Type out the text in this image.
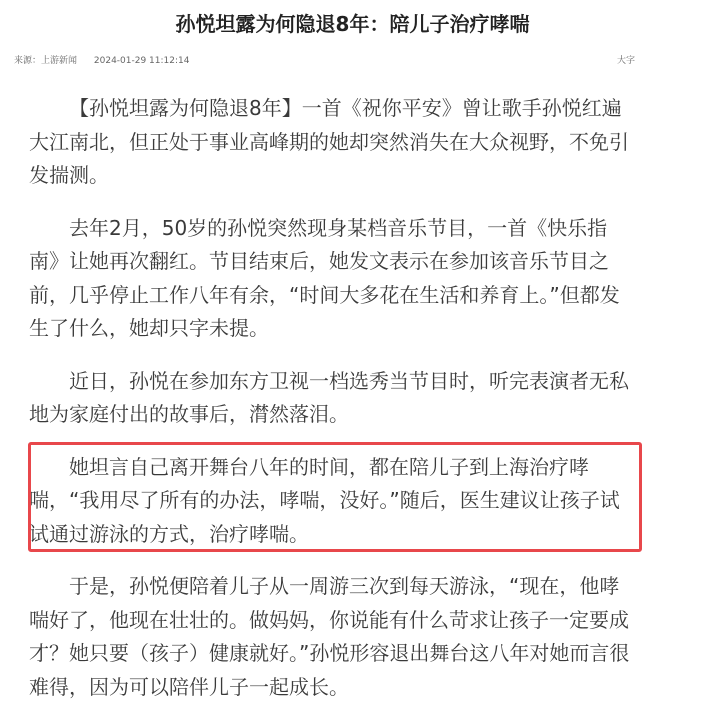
孙悦坦露为何隐退8年：陪儿子治疗哮喘
来源：上游新闻 2024-01-29 11:12:14	大字

【孙悦坦露为何隐退8年】一首《祝你平安》曾让歌手孙悦红遍大江南北，但正处于事业高峰期的她却突然消失在大众视野，不免引发揣测。

去年2月，50岁的孙悦突然现身某档音乐节目，一首《快乐指南》让她再次翻红。节目结束后，她发文表示在参加该音乐节目之前，几乎停止工作八年有余，“时间大多花在生活和养育上。”但都发生了什么，她却只字未提。

近日，孙悦在参加东方卫视一档选秀当节目时，听完表演者无私地为家庭付出的故事后，潸然落泪。

她坦言自己离开舞台八年的时间，都在陪儿子到上海治疗哮喘，“我用尽了所有的办法，哮喘，没好。”随后，医生建议让孩子试试通过游泳的方式，治疗哮喘。

于是，孙悦便陪着儿子从一周游三次到每天游泳，“现在，他哮喘好了，他现在壮壮的。做妈妈，你说能有什么苛求让孩子一定要成才？她只要（孩子）健康就好。”孙悦形容退出舞台这八年对她而言很难得，因为可以陪伴儿子一起成长。
